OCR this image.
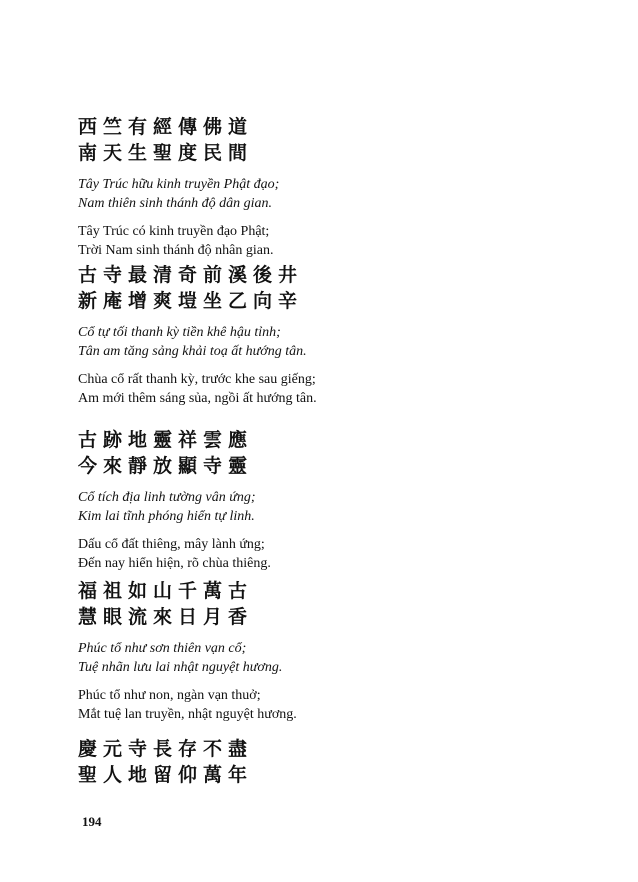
西竺有經傳佛道
南天生聖度民間
Tây Trúc hữu kinh truyền Phật đạo;
Nam thiên sinh thánh độ dân gian.
Tây Trúc có kinh truyền đạo Phật;
Trời Nam sinh thánh độ nhân gian.
古寺最清奇前溪後井
新庵增爽塏坐乙向辛
Cổ tự tối thanh kỳ tiền khê hậu tỉnh;
Tân am tăng sảng khải toạ ất hướng tân.
Chùa cổ rất thanh kỳ, trước khe sau giếng;
Am mới thêm sáng sủa, ngồi ất hướng tân.
古跡地靈祥雲應
今來靜放顯寺靈
Cổ tích địa linh tường vân ứng;
Kim lai tĩnh phóng hiển tự linh.
Dấu cổ đất thiêng, mây lành ứng;
Đến nay hiển hiện, rõ chùa thiêng.
福祖如山千萬古
慧眼流來日月香
Phúc tổ như sơn thiên vạn cổ;
Tuệ nhãn lưu lai nhật nguyệt hương.
Phúc tổ như non, ngàn vạn thuở;
Mắt tuệ lan truyền, nhật nguyệt hương.
慶元寺長存不盡
聖人地留仰萬年
194
